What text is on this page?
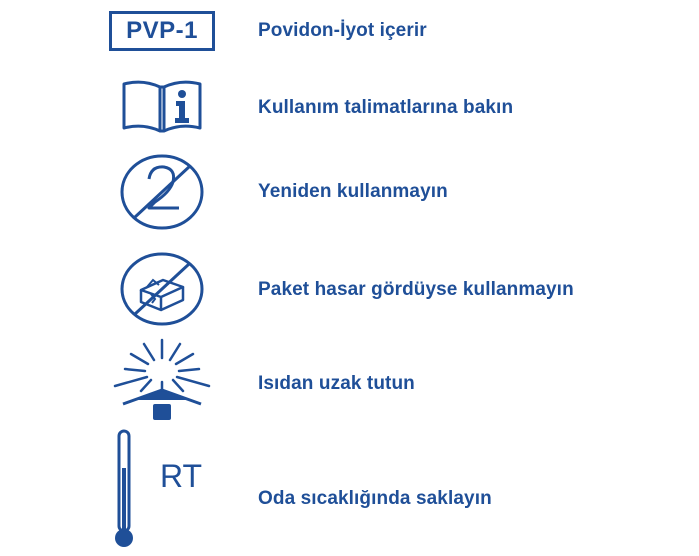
PVP-1	Povidon-İyot içerir
Kullanım talimatlarına bakın
Yeniden kullanmayın
Paket hasar gördüyse kullanmayın
Isıdan uzak tutun
RT
Oda sıcaklığında saklayın
